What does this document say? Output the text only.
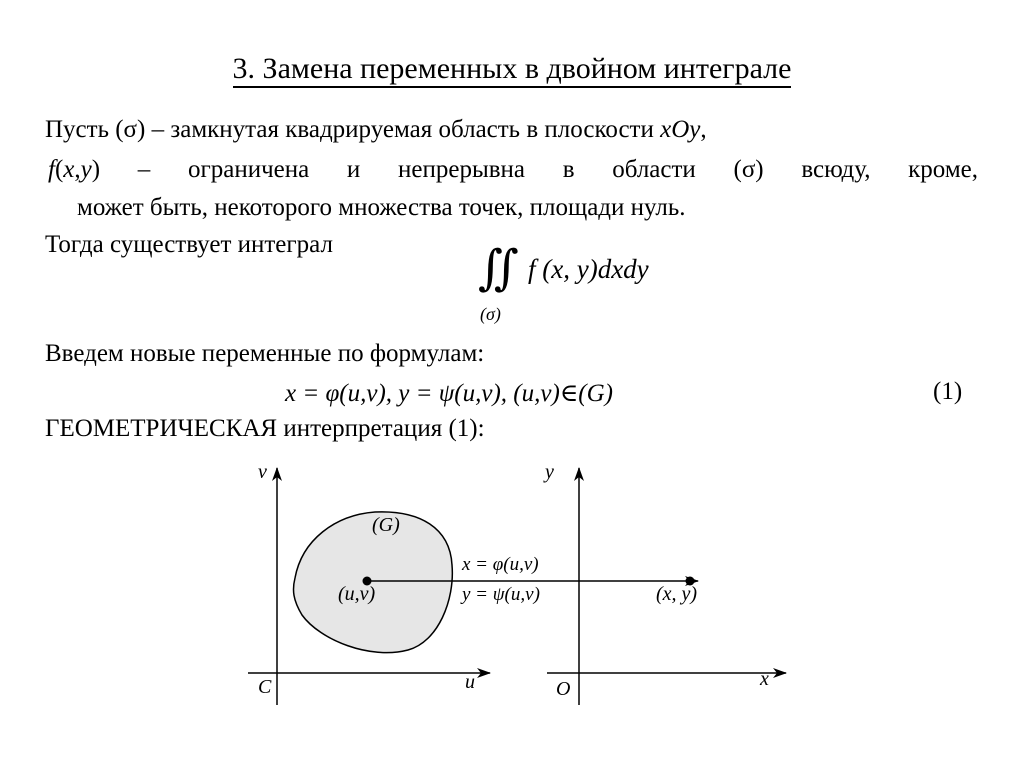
3. Замена переменных в двойном интеграле
Пусть (σ) – замкнутая квадрируемая область в плоскости xOy,
f(x,y) – ограничена и непрерывна в области (σ) всюду, кроме,
может быть, некоторого множества точек, площади нуль.
Тогда существует интеграл	∬ f (x, y)dxdy
(σ)
Введем новые переменные по формулам:
x = φ(u,v), y = ψ(u,v), (u,v)∈(G)	(1)
ГЕОМЕТРИЧЕСКАЯ интерпретация (1):
v
u
C
(G)
(u,v)
x = φ(u,v)
y = ψ(u,v)
y
x
O
(x, y)
